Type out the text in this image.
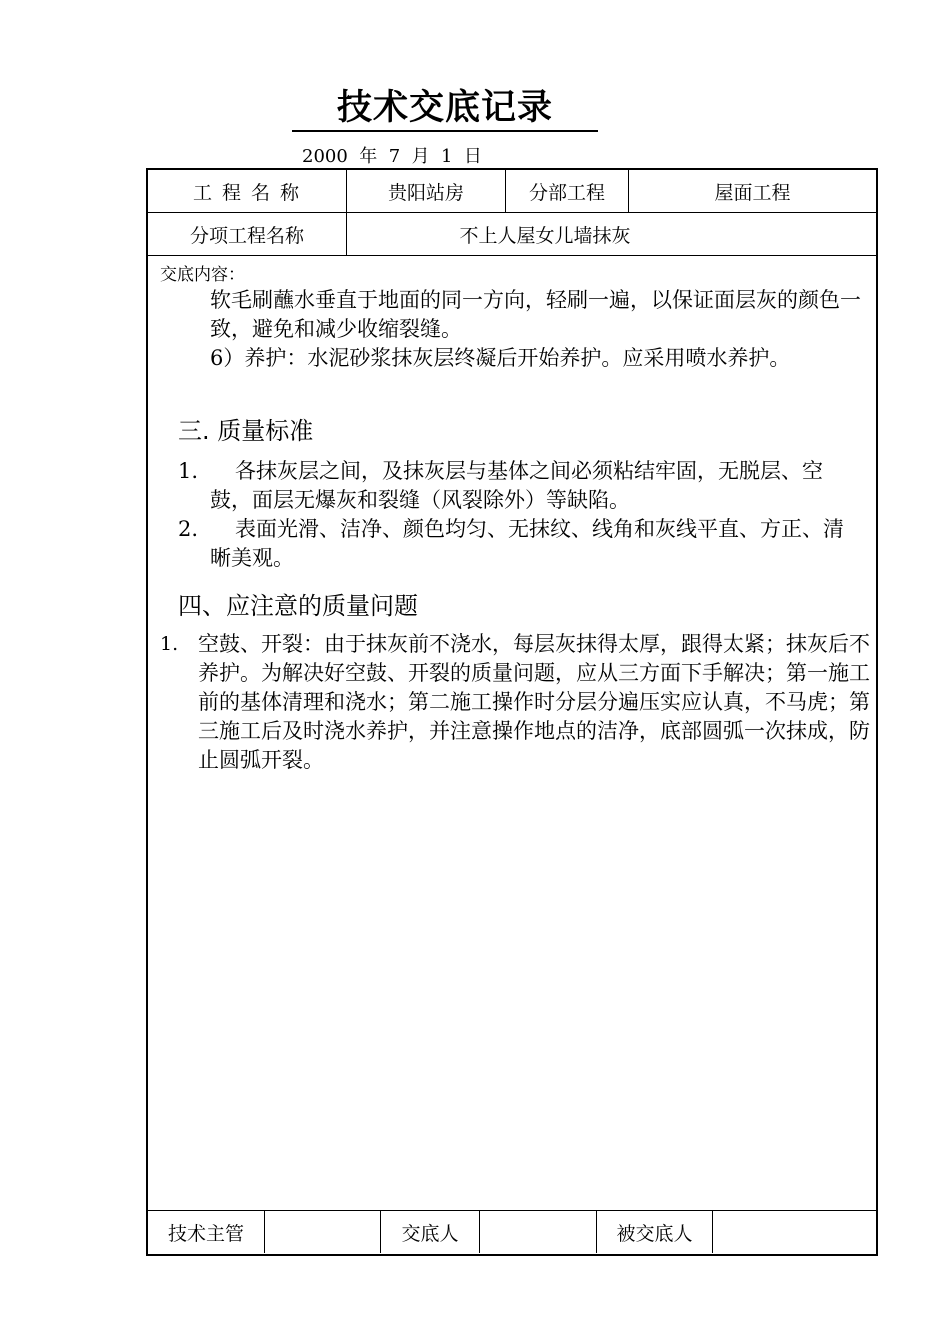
技术交底记录
2000  年  7  月  1  日
工 程 名 称	贵阳站房	分部工程	屋面工程
分项工程名称	不上人屋女儿墙抹灰
交底内容：

软毛刷蘸水垂直于地面的同一方向，轻刷一遍，以保证面层灰的颜色一致，避免和减少收缩裂缝。

6）养护：水泥砂浆抹灰层终凝后开始养护。应采用喷水养护。

三. 质量标准
1.	各抹灰层之间，及抹灰层与基体之间必须粘结牢固，无脱层、空鼓，面层无爆灰和裂缝（风裂除外）等缺陷。

2.	表面光滑、洁净、颜色均匀、无抹纹、线角和灰线平直、方正、清晰美观。

四、应注意的质量问题
1. 空鼓、开裂：由于抹灰前不浇水，每层灰抹得太厚，跟得太紧；抹灰后不养护。为解决好空鼓、开裂的质量问题，应从三方面下手解决；第一施工前的基体清理和浇水；第二施工操作时分层分遍压实应认真，不马虎；第三施工后及时浇水养护，并注意操作地点的洁净，底部圆弧一次抹成，防止圆弧开裂。

技术主管	交底人	被交底人
